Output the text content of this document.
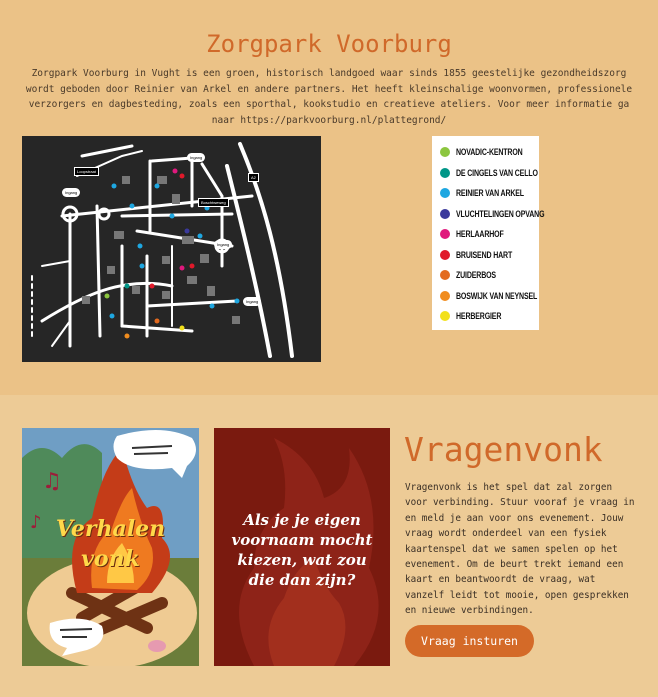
Zorgpark Voorburg
Zorgpark Voorburg in Vught is een groen, historisch landgoed waar sinds 1855 geestelijke gezondheidszorg wordt geboden door Reinier van Arkel en andere partners. Het heeft kleinschalige woonvormen, professionele verzorgers en dagbesteding, zoals een sporthal, kookstudio en creatieve ateliers. Voor meer informatie ga naar https://parkvoorburg.nl/plattegrond/
Ingang
Ingang
Ingang
Ingang
Loopstraat
Boschtweweg
A2
NOVADIC-KENTRON
DE CINGELS VAN CELLO
REINIER VAN ARKEL
VLUCHTELINGEN OPVANG
HERLAARHOF
BRUISEND HART
ZUIDERBOS
BOSWIJK VAN NEYNSEL
HERBERGIER
♫
♪ Verhalen
vonk
Als je je eigen
voornaam mocht
kiezen, wat zou
die dan zijn?
Vragenvonk
Vragenvonk is het spel dat zal zorgen voor verbinding. Stuur vooraf je vraag in en meld je aan voor ons evenement. Jouw vraag wordt onderdeel van een fysiek kaartenspel dat we samen spelen op het evenement. Om de beurt trekt iemand een kaart en beantwoordt de vraag, wat vanzelf leidt tot mooie, open gesprekken en nieuwe verbindingen.
Vraag insturen
